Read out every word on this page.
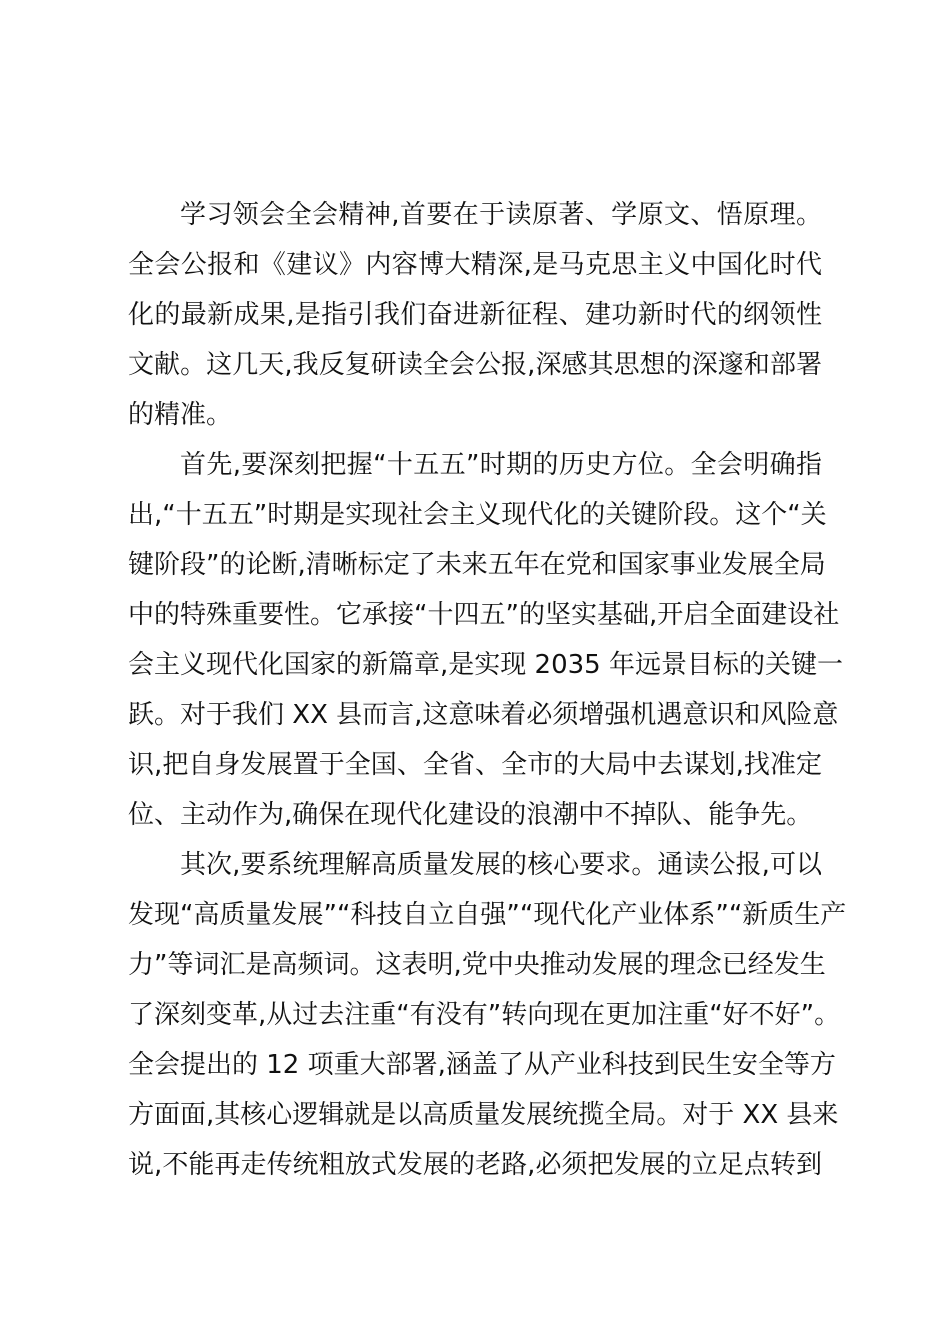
学习领会全会精神,首要在于读原著、学原文、悟原理。
全会公报和《建议》内容博大精深,是马克思主义中国化时代
化的最新成果,是指引我们奋进新征程、建功新时代的纲领性
文献。这几天,我反复研读全会公报,深感其思想的深邃和部署
的精准。
首先,要深刻把握“十五五”时期的历史方位。全会明确指
出,“十五五”时期是实现社会主义现代化的关键阶段。这个“关
键阶段”的论断,清晰标定了未来五年在党和国家事业发展全局
中的特殊重要性。它承接“十四五”的坚实基础,开启全面建设社
会主义现代化国家的新篇章,是实现 2035 年远景目标的关键一
跃。对于我们 XX 县而言,这意味着必须增强机遇意识和风险意
识,把自身发展置于全国、全省、全市的大局中去谋划,找准定
位、主动作为,确保在现代化建设的浪潮中不掉队、能争先。
其次,要系统理解高质量发展的核心要求。通读公报,可以
发现“高质量发展”“科技自立自强”“现代化产业体系”“新质生产
力”等词汇是高频词。这表明,党中央推动发展的理念已经发生
了深刻变革,从过去注重“有没有”转向现在更加注重“好不好”。
全会提出的 12 项重大部署,涵盖了从产业科技到民生安全等方
方面面,其核心逻辑就是以高质量发展统揽全局。对于 XX 县来
说,不能再走传统粗放式发展的老路,必须把发展的立足点转到
